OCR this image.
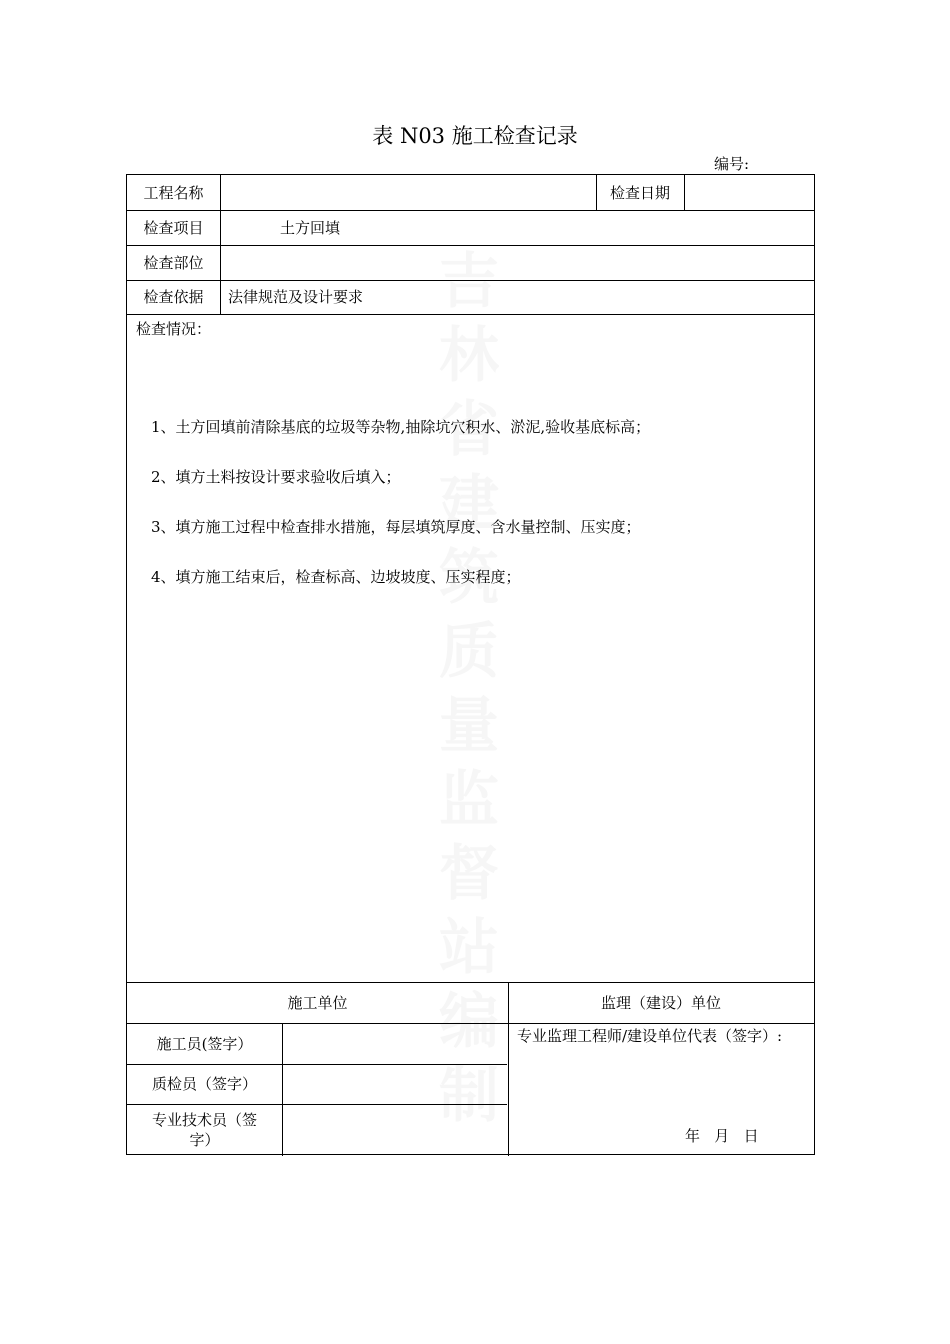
表 N03 施工检查记录
编号:
工程名称	检查日期
检查项目	土方回填
检查部位
检查依据	法律规范及设计要求
检查情况：
1、土方回填前清除基底的垃圾等杂物,抽除坑穴积水、淤泥,验收基底标高；
2、填方土料按设计要求验收后填入；
3、填方施工过程中检查排水措施，每层填筑厚度、含水量控制、压实度；
4、填方施工结束后，检查标高、边坡坡度、压实程度；
施工单位	监理（建设）单位
施工员(签字）
质检员（签字）
专业技术员（签
字）
专业监理工程师/建设单位代表（签字）:
年   月   日
